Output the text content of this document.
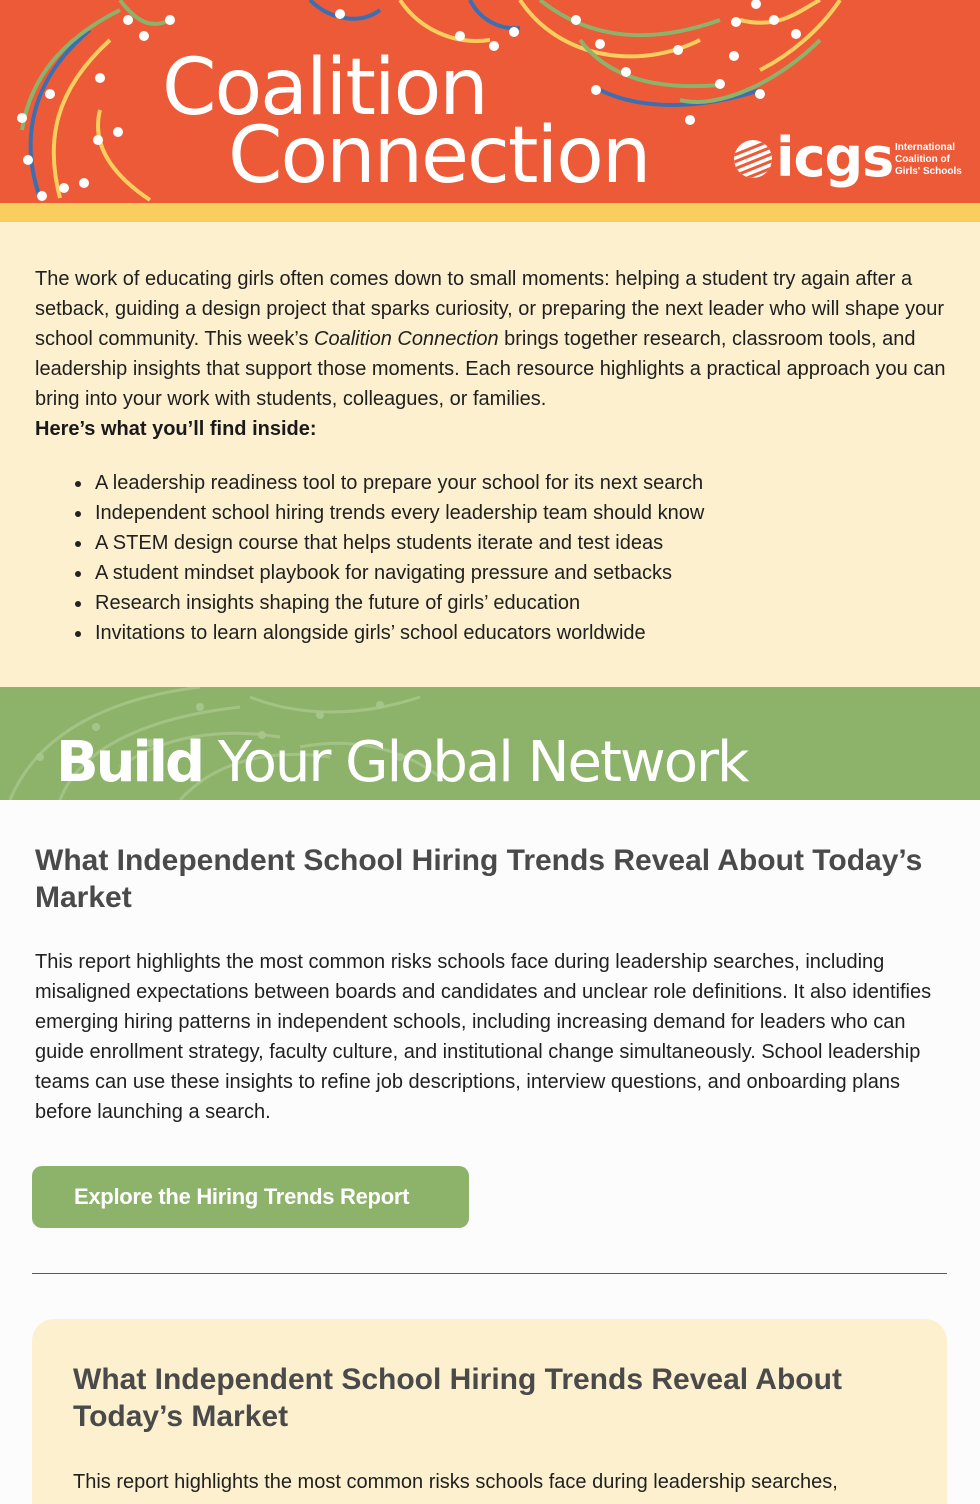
Coalition
Connection icgs International
Coalition of
Girls' Schools

The work of educating girls often comes down to small moments: helping a student try again after a setback, guiding a design project that sparks curiosity, or preparing the next leader who will shape your school community. This week’s Coalition Connection brings together research, classroom tools, and leadership insights that support those moments. Each resource highlights a practical approach you can bring into your work with students, colleagues, or families.

Here’s what you’ll find inside:
A leadership readiness tool to prepare your school for its next search
Independent school hiring trends every leadership team should know
A STEM design course that helps students iterate and test ideas
A student mindset playbook for navigating pressure and setbacks
Research insights shaping the future of girls’ education
Invitations to learn alongside girls’ school educators worldwide
Build Your Global Network
What Independent School Hiring Trends Reveal About Today’s Market

This report highlights the most common risks schools face during leadership searches, including misaligned expectations between boards and candidates and unclear role definitions. It also identifies emerging hiring patterns in independent schools, including increasing demand for leaders who can guide enrollment strategy, faculty culture, and institutional change simultaneously. School leadership teams can use these insights to refine job descriptions, interview questions, and onboarding plans before launching a search.

Explore the Hiring Trends Report
What Independent School Hiring Trends Reveal About Today’s Market

This report highlights the most common risks schools face during leadership searches,
